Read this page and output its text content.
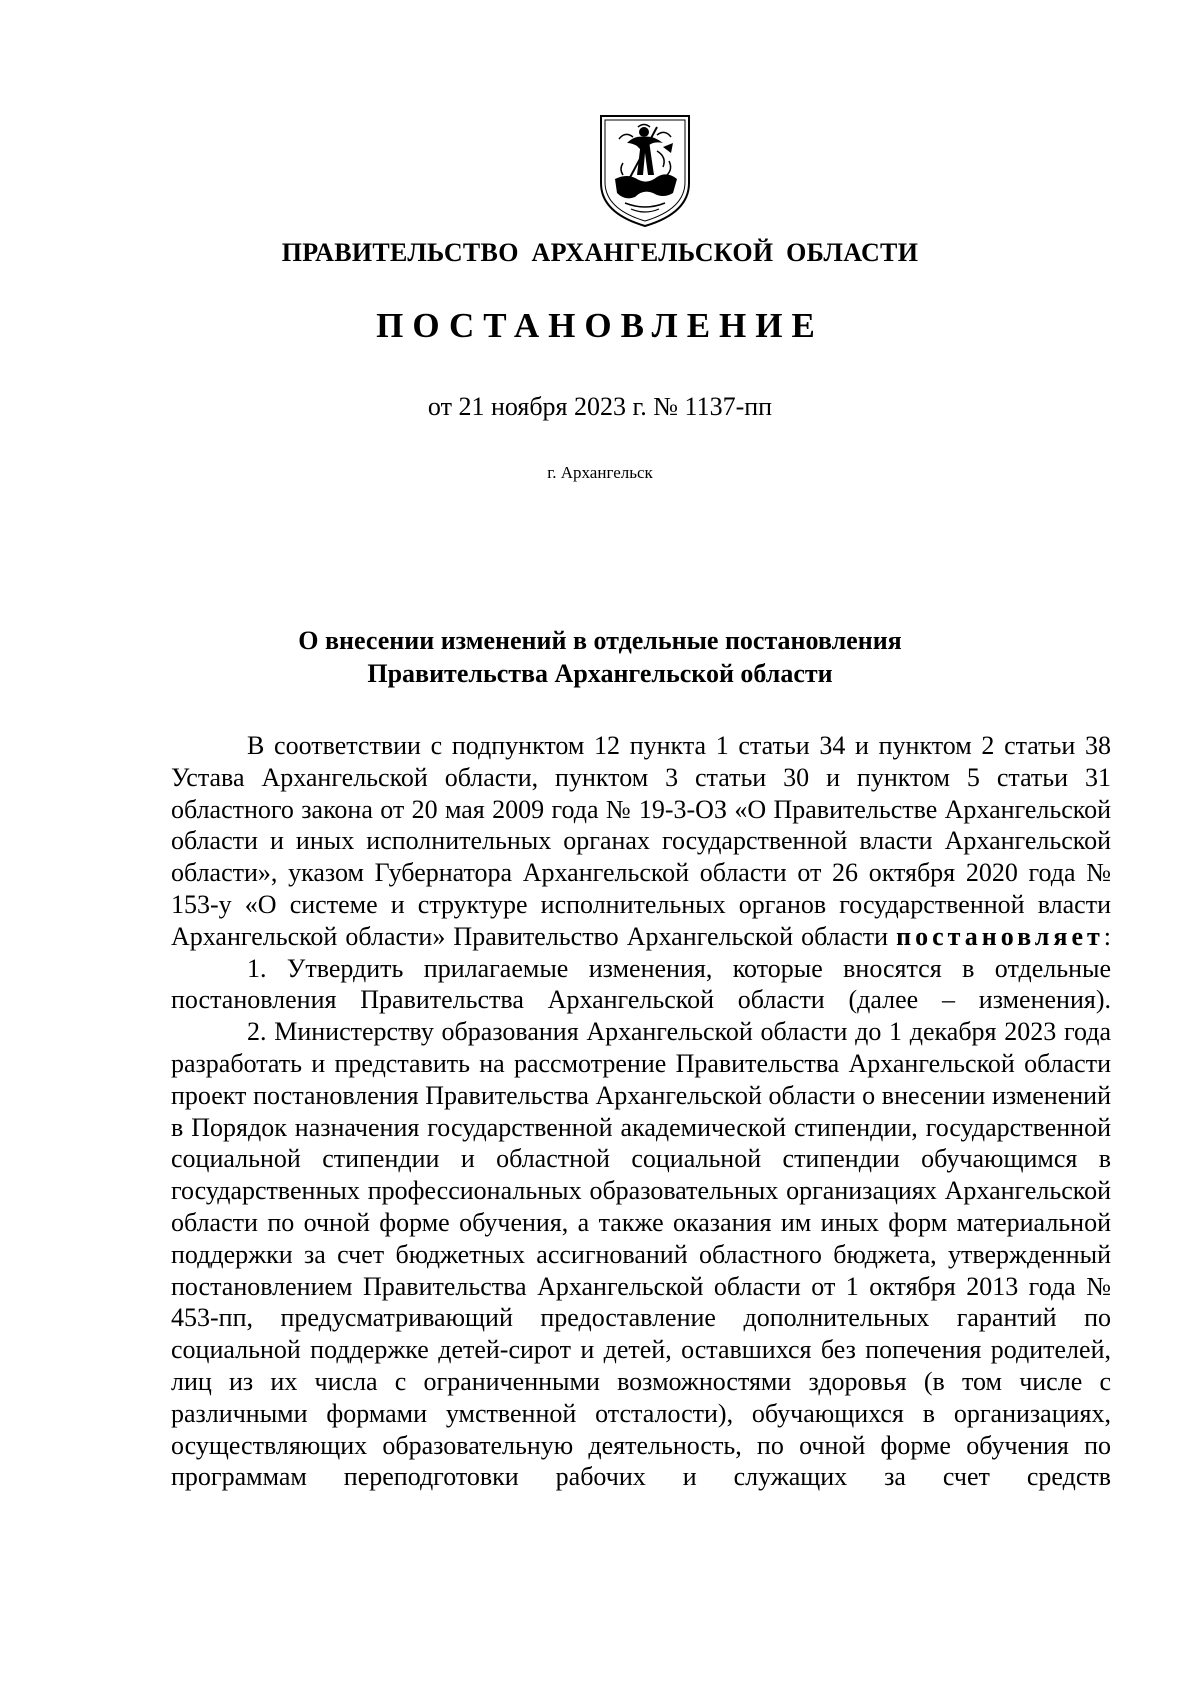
ПРАВИТЕЛЬСТВО АРХАНГЕЛЬСКОЙ ОБЛАСТИ
ПОСТАНОВЛЕНИЕ
от 21 ноября 2023 г. № 1137-пп
г. Архангельск
О внесении изменений в отдельные постановления
Правительства Архангельской области

В соответствии с подпунктом 12 пункта 1 статьи 34 и пунктом 2 статьи 38 Устава Архангельской области, пунктом 3 статьи 30 и пунктом 5 статьи 31 областного закона от 20 мая 2009 года № 19-3-ОЗ «О Правительстве Архангельской области и иных исполнительных органах государственной власти Архангельской области», указом Губернатора Архангельской области от 26 октября 2020 года № 153-у «О системе и структуре исполнительных органов государственной власти Архангельской области» Правительство Архангельской области постановляет:

1. Утвердить прилагаемые изменения, которые вносятся в отдельные постановления Правительства Архангельской области (далее – изменения).

2. Министерству образования Архангельской области до 1 декабря 2023 года разработать и представить на рассмотрение Правительства Архангельской области проект постановления Правительства Архангельской области о внесении изменений в Порядок назначения государственной академической стипендии, государственной социальной стипендии и областной социальной стипендии обучающимся в государственных профессиональных образовательных организациях Архангельской области по очной форме обучения, а также оказания им иных форм материальной поддержки за счет бюджетных ассигнований областного бюджета, утвержденный постановлением Правительства Архангельской области от 1 октября 2013 года № 453-пп, предусматривающий предоставление дополнительных гарантий по социальной поддержке детей-сирот и детей, оставшихся без попечения родителей, лиц из их числа с ограниченными возможностями здоровья (в том числе с различными формами умственной отсталости), обучающихся в организациях, осуществляющих образовательную деятельность, по очной форме обучения по программам переподготовки рабочих и служащих за счет средств
